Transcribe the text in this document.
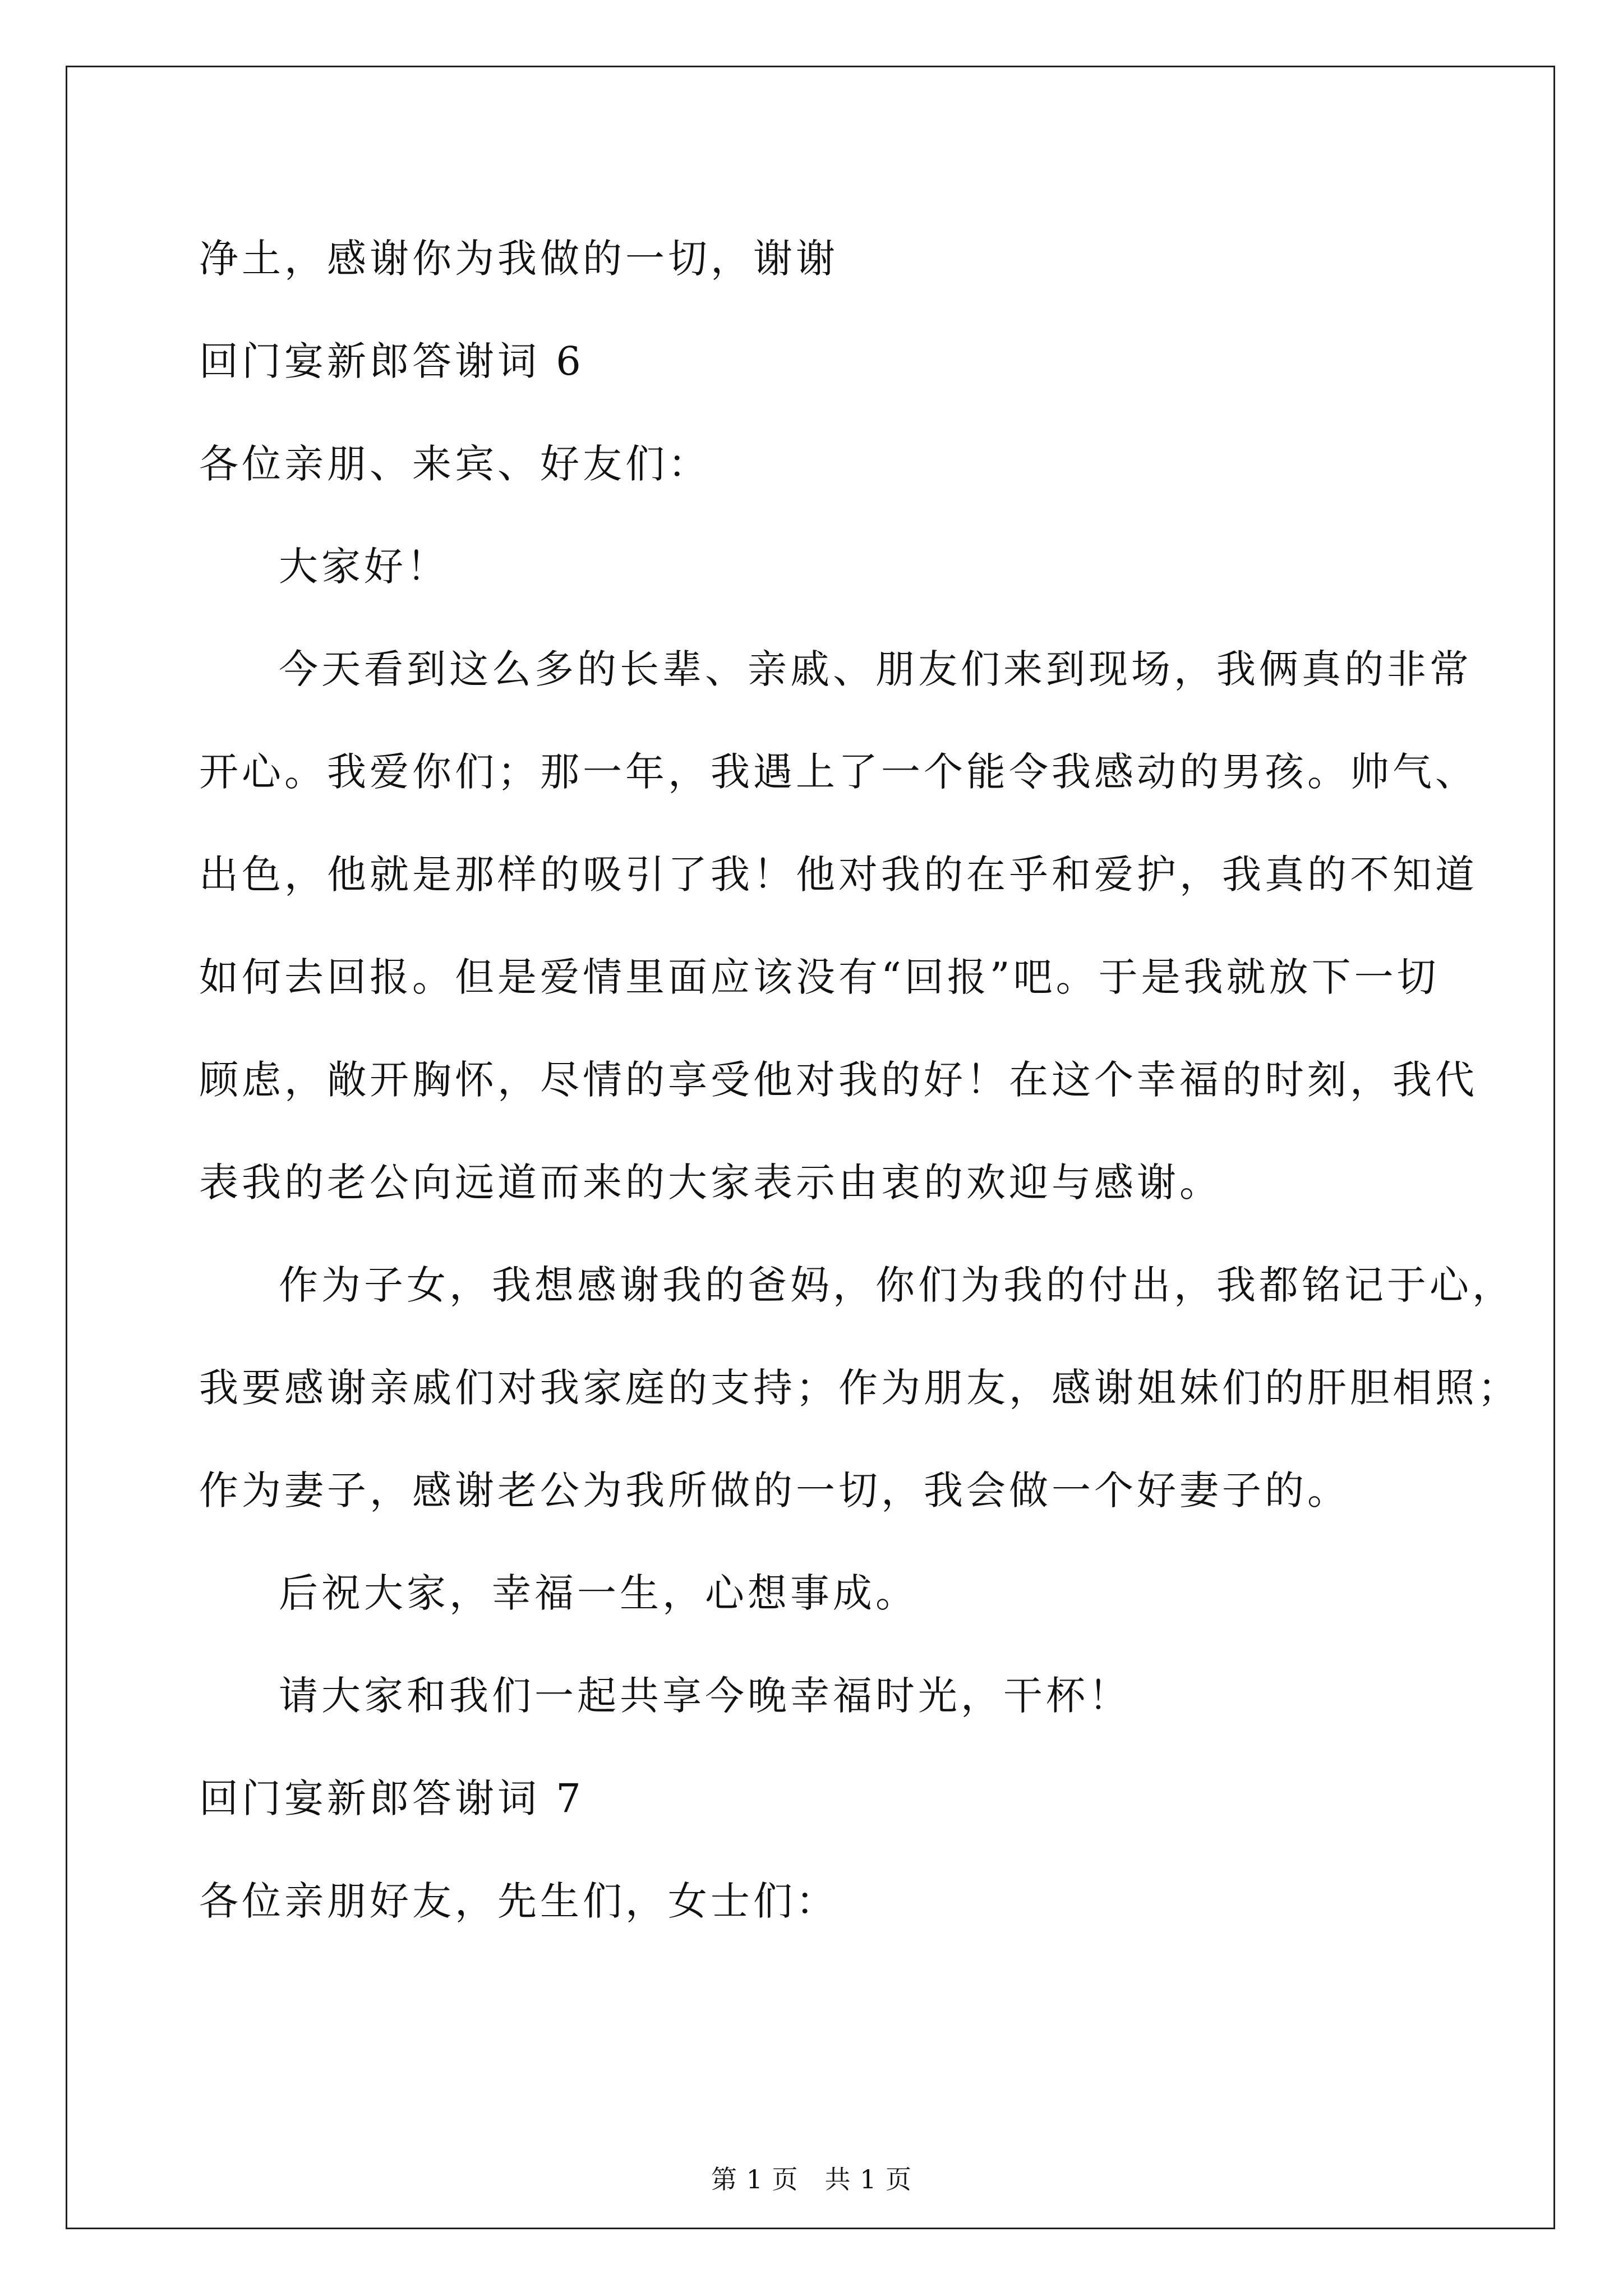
净土，感谢你为我做的一切，谢谢
回门宴新郎答谢词 6
各位亲朋、来宾、好友们：
大家好！
今天看到这么多的长辈、亲戚、朋友们来到现场，我俩真的非常
开心。我爱你们；那一年，我遇上了一个能令我感动的男孩。帅气、
出色，他就是那样的吸引了我！他对我的在乎和爱护，我真的不知道
如何去回报。但是爱情里面应该没有“回报”吧。于是我就放下一切
顾虑，敞开胸怀，尽情的享受他对我的好！在这个幸福的时刻，我代
表我的老公向远道而来的大家表示由衷的欢迎与感谢。
作为子女，我想感谢我的爸妈，你们为我的付出，我都铭记于心，
我要感谢亲戚们对我家庭的支持；作为朋友，感谢姐妹们的肝胆相照；
作为妻子，感谢老公为我所做的一切，我会做一个好妻子的。
后祝大家，幸福一生，心想事成。
请大家和我们一起共享今晚幸福时光，干杯！
回门宴新郎答谢词 7
各位亲朋好友，先生们，女士们：
第 1 页　共 1 页
